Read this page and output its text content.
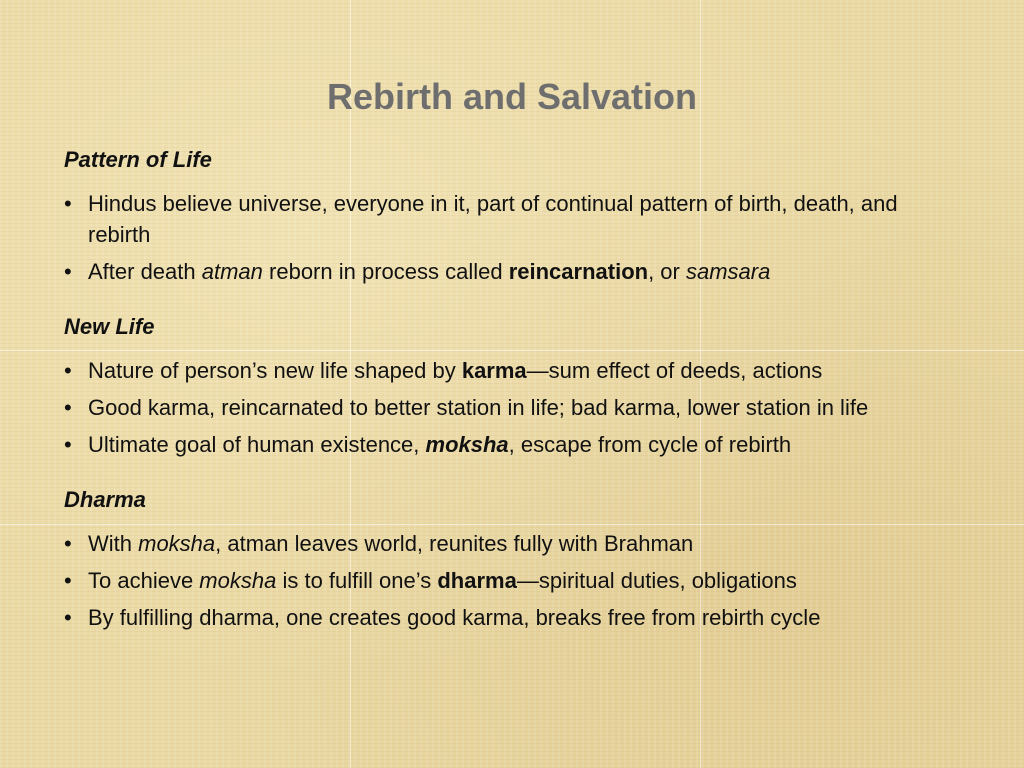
Rebirth and Salvation
Pattern of Life
• Hindus believe universe, everyone in it, part of continual pattern of birth, death, and rebirth
• After death atman reborn in process called reincarnation, or samsara
New Life
• Nature of person’s new life shaped by karma—sum effect of deeds, actions
• Good karma, reincarnated to better station in life; bad karma, lower station in life
• Ultimate goal of human existence, moksha, escape from cycle of rebirth
Dharma
• With moksha, atman leaves world, reunites fully with Brahman
• To achieve moksha is to fulfill one’s dharma—spiritual duties, obligations
• By fulfilling dharma, one creates good karma, breaks free from rebirth cycle
